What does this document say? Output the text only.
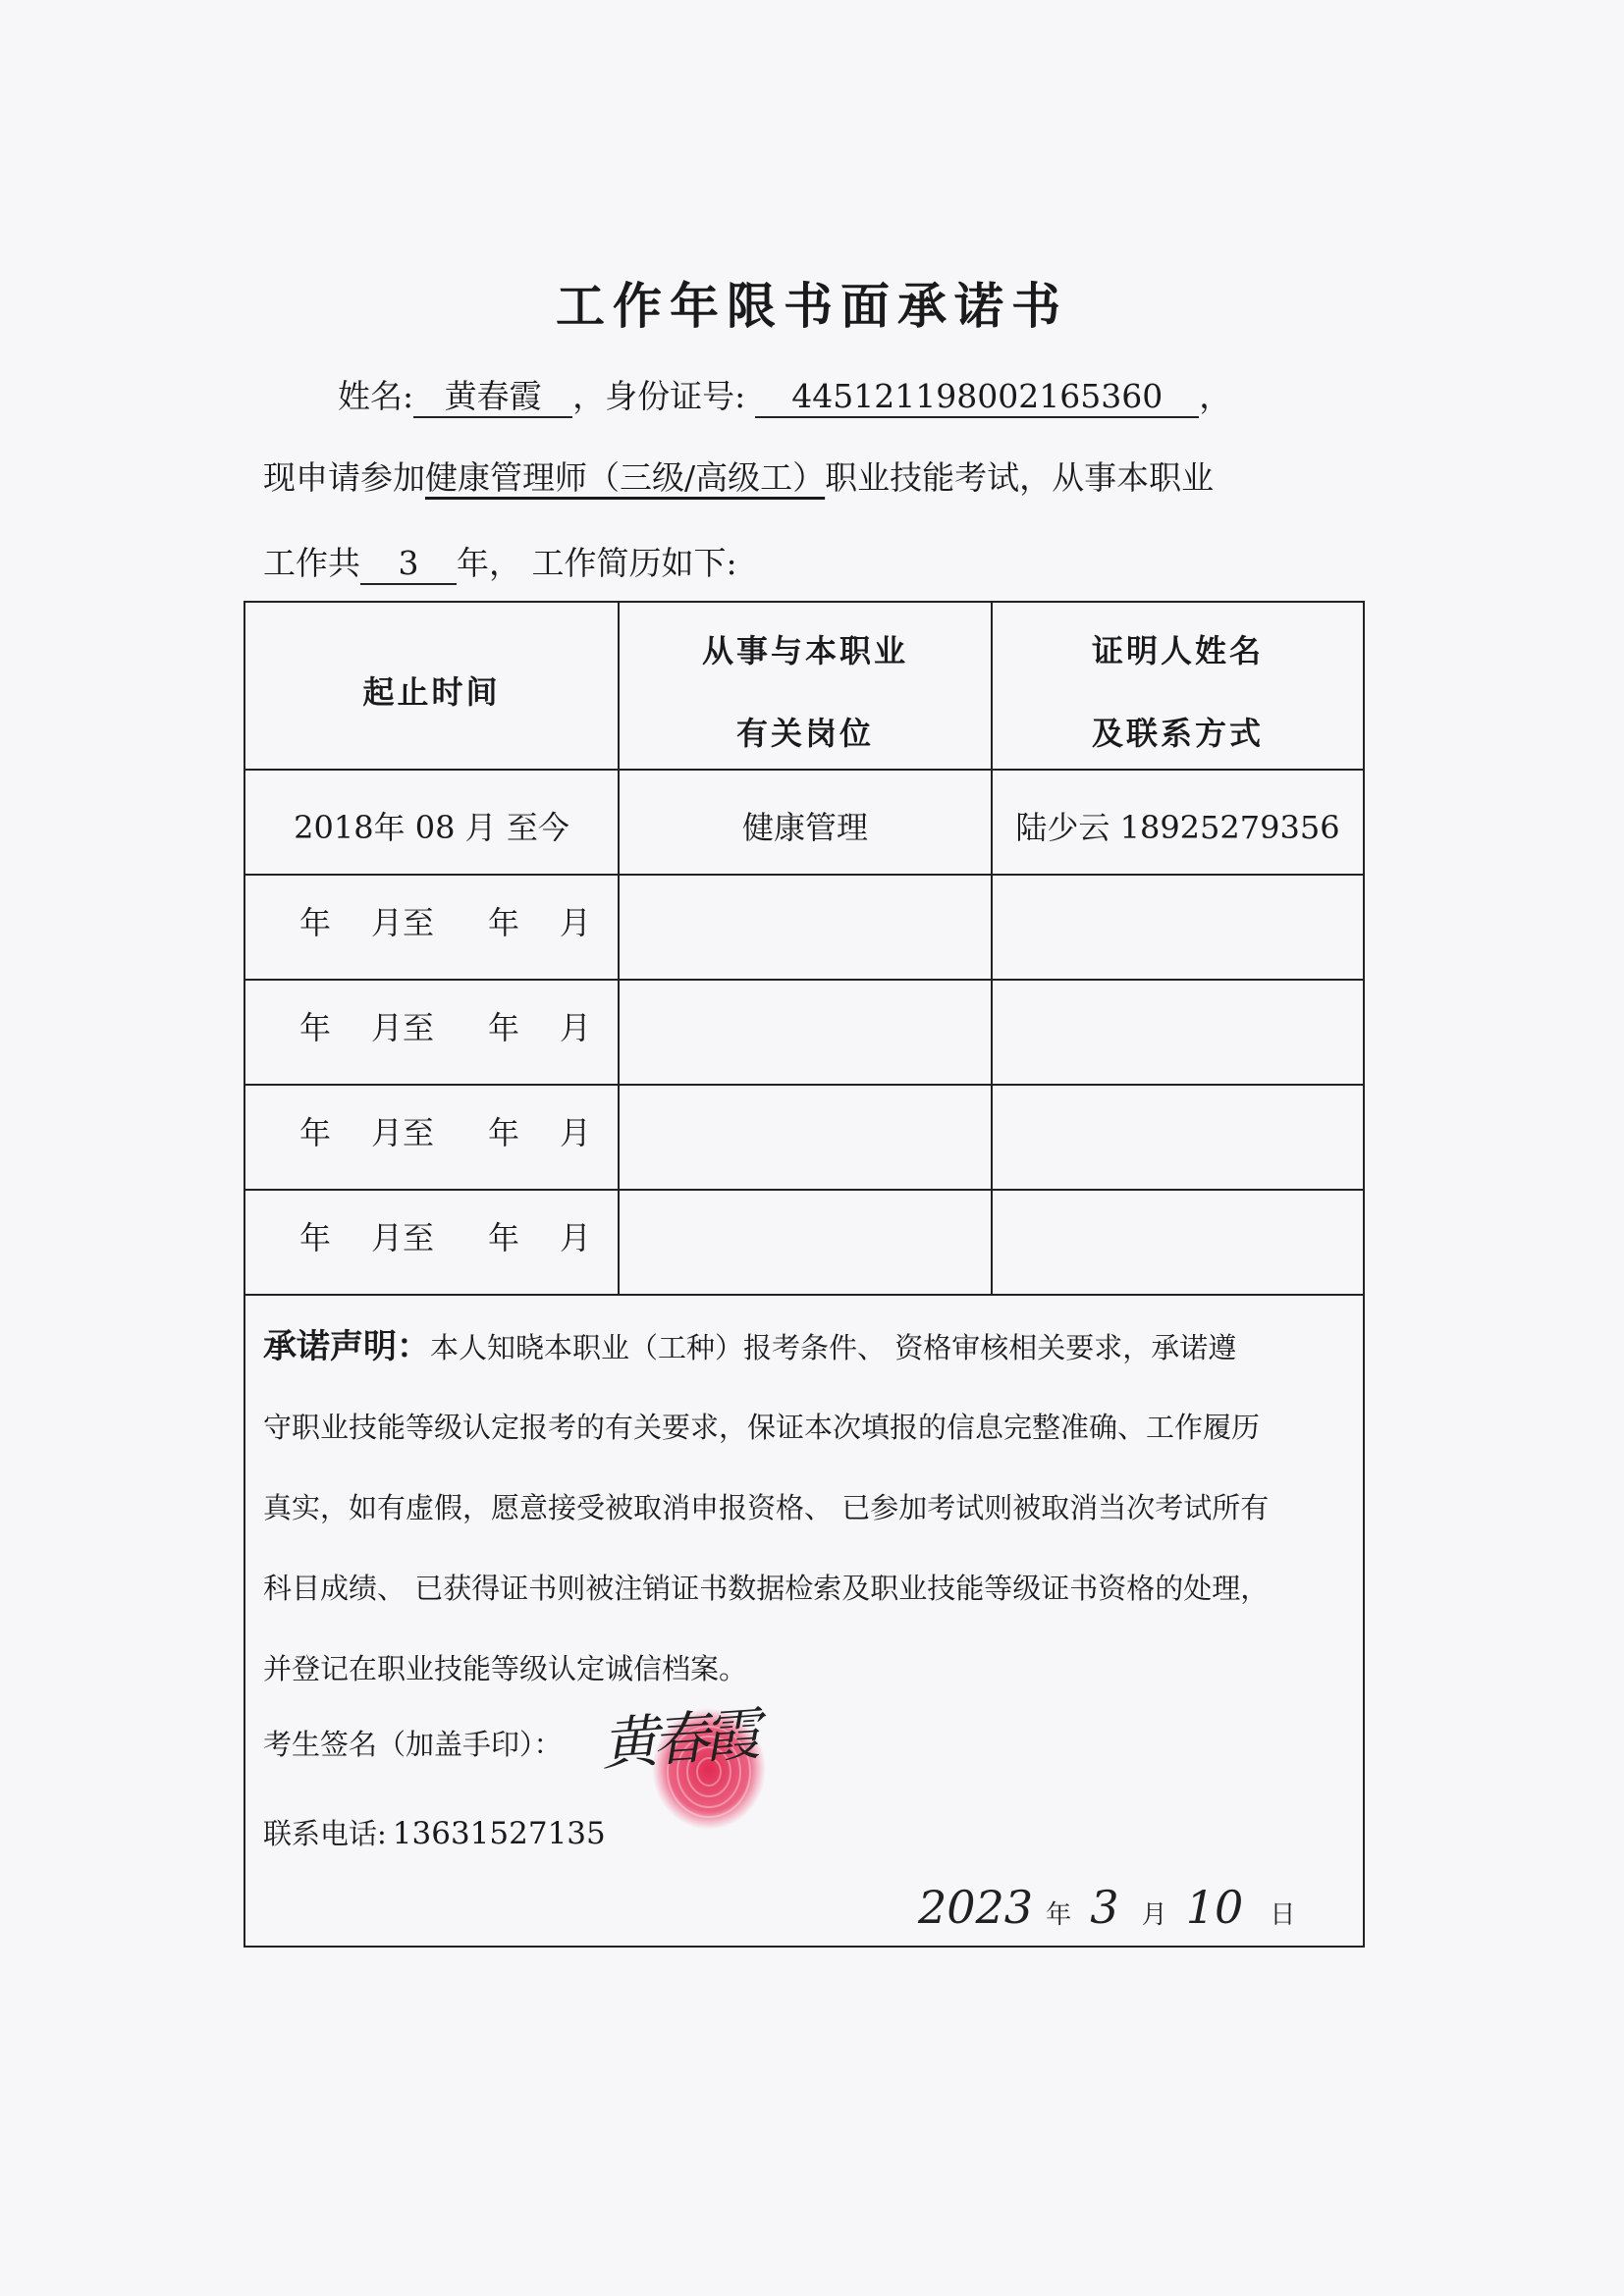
工作年限书面承诺书
姓名: 黄春霞 ，身份证号: 445121198002165360 ，
现申请参加健康管理师（三级/高级工）职业技能考试，从事本职业
工作共 3 年， 工作简历如下:
起止时间
从事与本职业
有关岗位
证明人姓名
及联系方式
2018年 08 月 至今	健康管理	陆少云 18925279356
年 月至 年 月
年 月至 年 月
年 月至 年 月
年 月至 年 月
承诺声明：本人知晓本职业（工种）报考条件、 资格审核相关要求，承诺遵
守职业技能等级认定报考的有关要求，保证本次填报的信息完整准确、工作履历
真实，如有虚假，愿意接受被取消申报资格、 已参加考试则被取消当次考试所有
科目成绩、 已获得证书则被注销证书数据检索及职业技能等级证书资格的处理，
并登记在职业技能等级认定诚信档案。
考生签名（加盖手印）： 黄春霞
联系电话: 13631527135
2023 年 3 月 10 日
